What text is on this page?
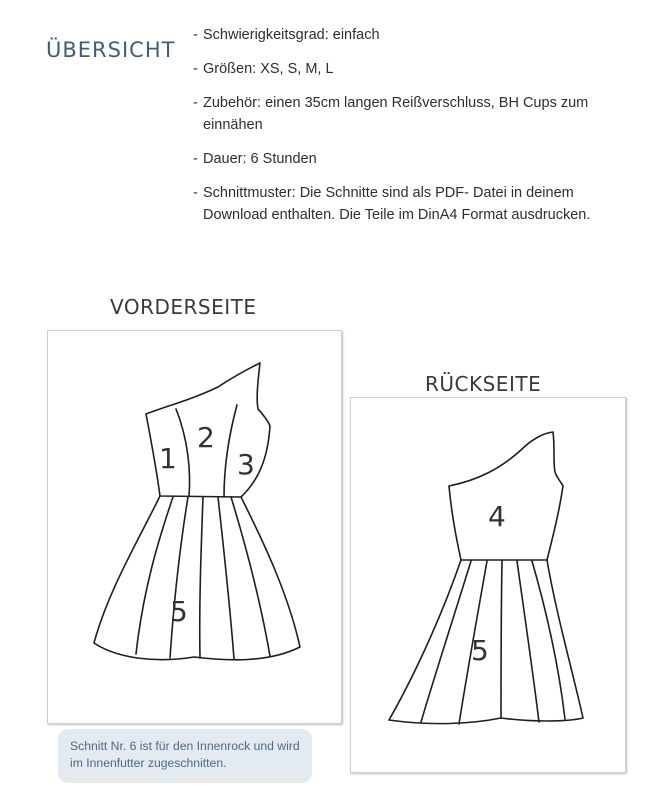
ÜBERSICHT
- Schwierigkeitsgrad: einfach
- Größen: XS, S, M, L
- Zubehör: einen 35cm langen Reißverschluss, BH Cups zum einnähen
- Dauer: 6 Stunden
- Schnittmuster: Die Schnitte sind als PDF- Datei in deinem Download enthalten. Die Teile im DinA4 Format ausdrucken.
VORDERSEITE
1
2
3
5
RÜCKSEITE
4
5
Schnitt Nr. 6 ist für den Innenrock und wird im Innenfutter zugeschnitten.
